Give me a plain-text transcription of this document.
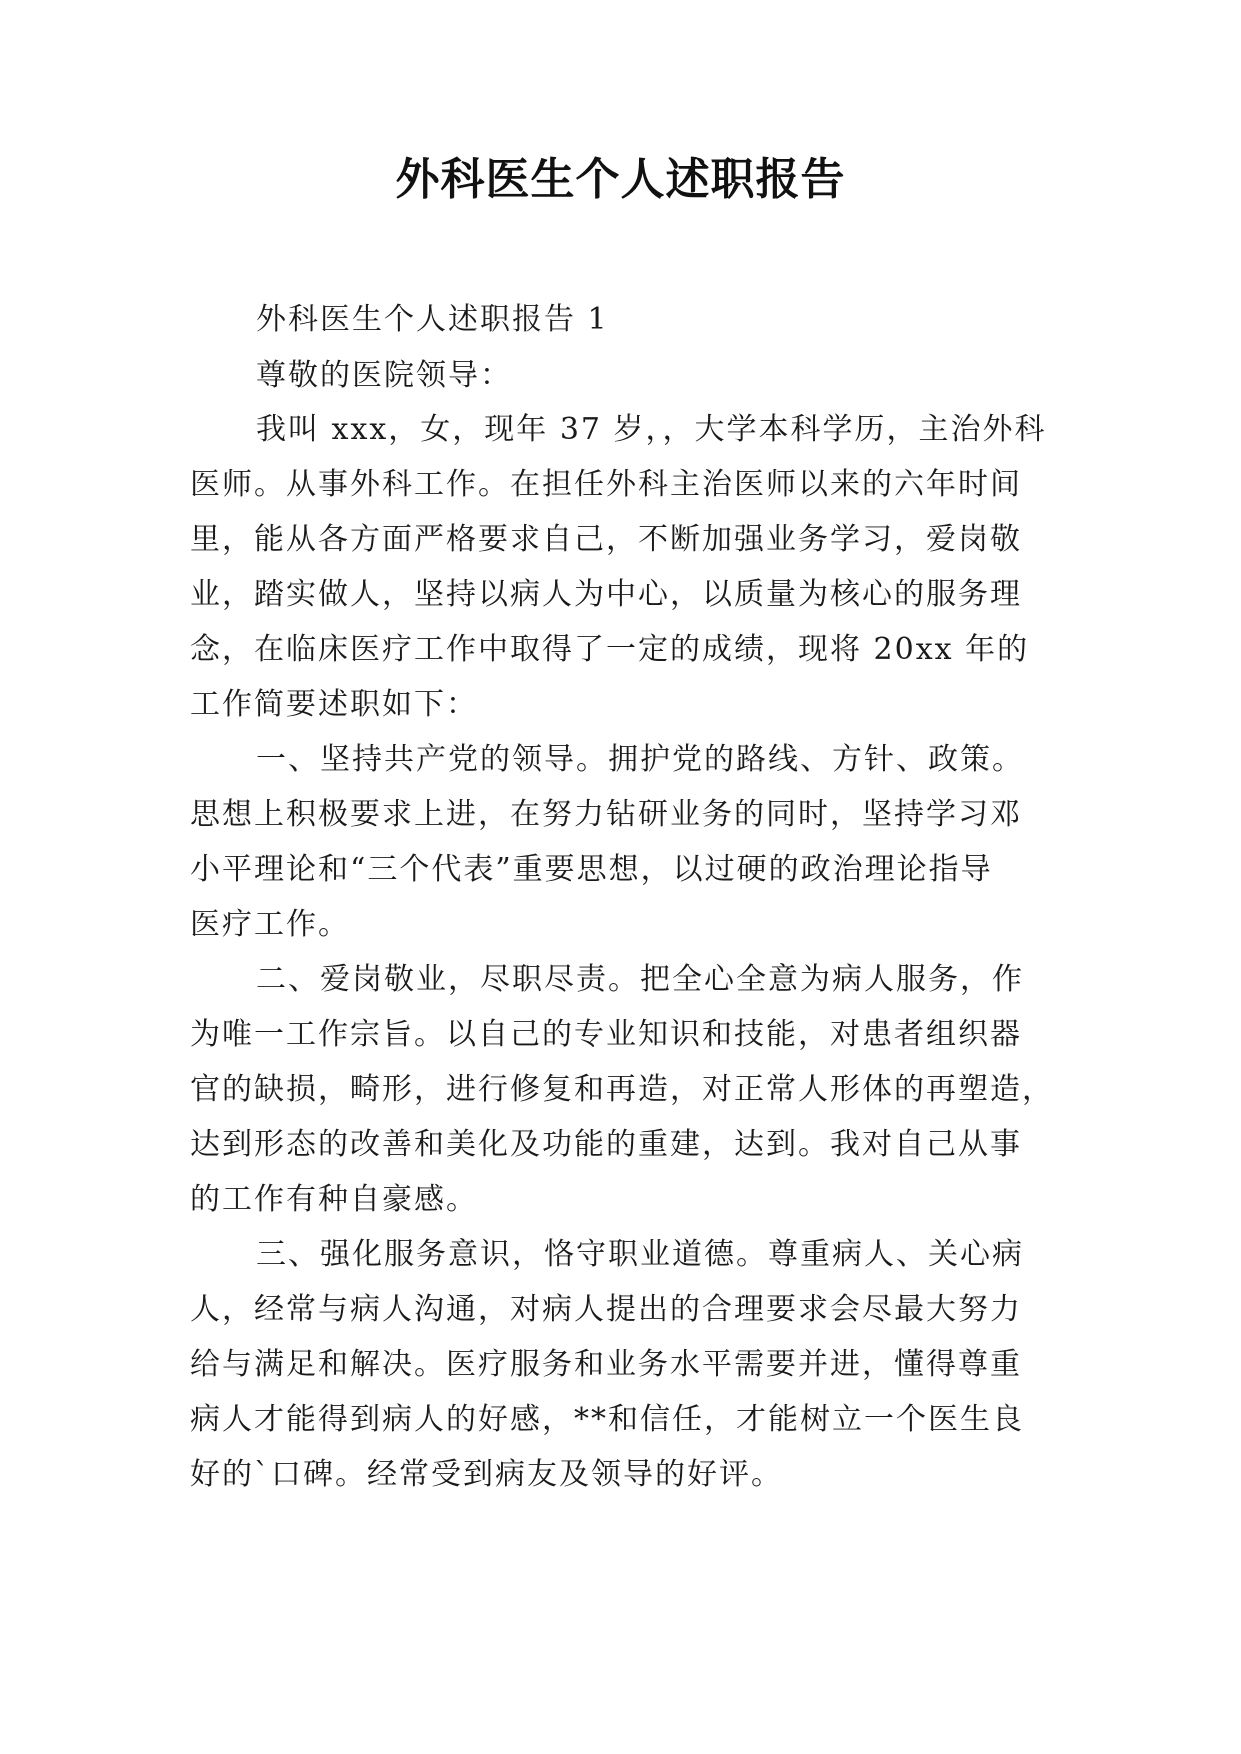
外科医生个人述职报告
外科医生个人述职报告 1
尊敬的医院领导：
我叫 xxx，女，现年 37 岁，，大学本科学历，主治外科
医师。从事外科工作。在担任外科主治医师以来的六年时间
里，能从各方面严格要求自己，不断加强业务学习，爱岗敬
业，踏实做人，坚持以病人为中心，以质量为核心的服务理
念，在临床医疗工作中取得了一定的成绩，现将 20xx 年的
工作简要述职如下：
一、坚持共产党的领导。拥护党的路线、方针、政策。
思想上积极要求上进，在努力钻研业务的同时，坚持学习邓
小平理论和“三个代表”重要思想，以过硬的政治理论指导
医疗工作。
二、爱岗敬业，尽职尽责。把全心全意为病人服务，作
为唯一工作宗旨。以自己的专业知识和技能，对患者组织器
官的缺损，畸形，进行修复和再造，对正常人形体的再塑造，
达到形态的改善和美化及功能的重建，达到。我对自己从事
的工作有种自豪感。
三、强化服务意识，恪守职业道德。尊重病人、关心病
人，经常与病人沟通，对病人提出的合理要求会尽最大努力
给与满足和解决。医疗服务和业务水平需要并进，懂得尊重
病人才能得到病人的好感，**和信任，才能树立一个医生良
好的`口碑。经常受到病友及领导的好评。
